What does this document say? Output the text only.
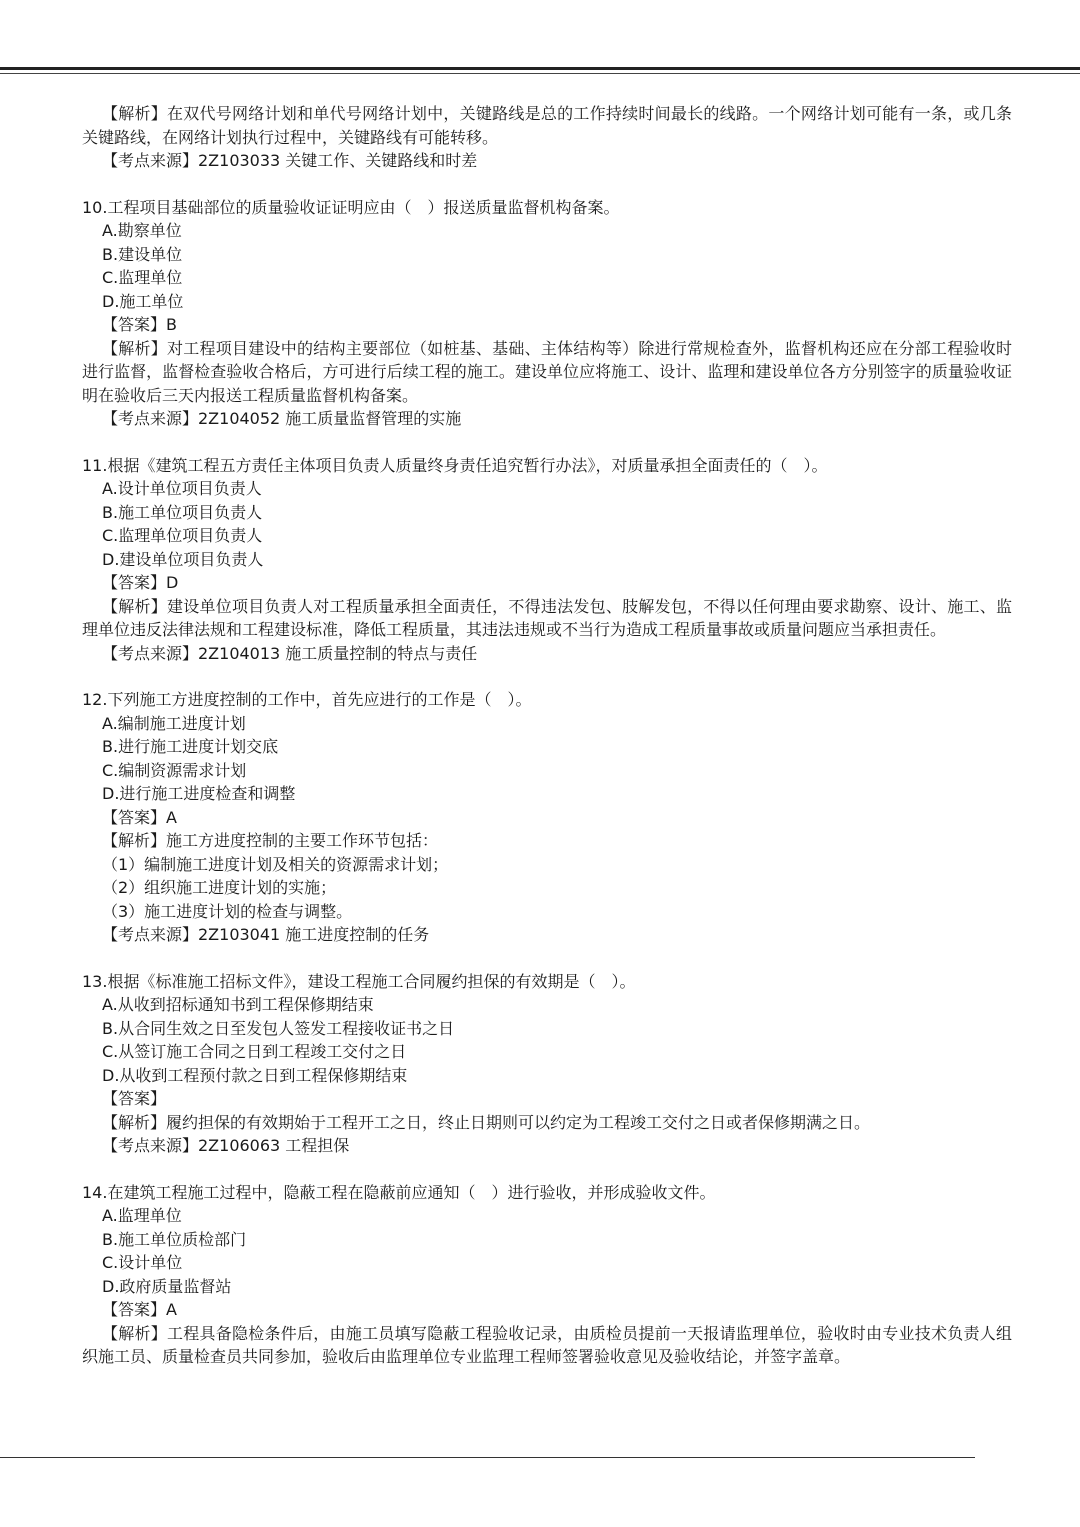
【解析】在双代号网络计划和单代号网络计划中，关键路线是总的工作持续时间最长的线路。一个网络计划可能有一条，或几条关键路线，在网络计划执行过程中，关键路线有可能转移。
【考点来源】2Z103033 关键工作、关键路线和时差
10.工程项目基础部位的质量验收证证明应由（　）报送质量监督机构备案。
A.勘察单位
B.建设单位
C.监理单位
D.施工单位
【答案】B
【解析】对工程项目建设中的结构主要部位（如桩基、基础、主体结构等）除进行常规检查外，监督机构还应在分部工程验收时进行监督，监督检查验收合格后，方可进行后续工程的施工。建设单位应将施工、设计、监理和建设单位各方分别签字的质量验收证明在验收后三天内报送工程质量监督机构备案。
【考点来源】2Z104052 施工质量监督管理的实施
11.根据《建筑工程五方责任主体项目负责人质量终身责任追究暂行办法》，对质量承担全面责任的（　）。
A.设计单位项目负责人
B.施工单位项目负责人
C.监理单位项目负责人
D.建设单位项目负责人
【答案】D
【解析】建设单位项目负责人对工程质量承担全面责任，不得违法发包、肢解发包，不得以任何理由要求勘察、设计、施工、监理单位违反法律法规和工程建设标准，降低工程质量，其违法违规或不当行为造成工程质量事故或质量问题应当承担责任。
【考点来源】2Z104013 施工质量控制的特点与责任
12.下列施工方进度控制的工作中，首先应进行的工作是（　）。
A.编制施工进度计划
B.进行施工进度计划交底
C.编制资源需求计划
D.进行施工进度检查和调整
【答案】A
【解析】施工方进度控制的主要工作环节包括：
（1）编制施工进度计划及相关的资源需求计划；
（2）组织施工进度计划的实施；
（3）施工进度计划的检查与调整。
【考点来源】2Z103041 施工进度控制的任务
13.根据《标准施工招标文件》，建设工程施工合同履约担保的有效期是（　）。
A.从收到招标通知书到工程保修期结束
B.从合同生效之日至发包人签发工程接收证书之日
C.从签订施工合同之日到工程竣工交付之日
D.从收到工程预付款之日到工程保修期结束
【答案】
【解析】履约担保的有效期始于工程开工之日，终止日期则可以约定为工程竣工交付之日或者保修期满之日。
【考点来源】2Z106063 工程担保
14.在建筑工程施工过程中，隐蔽工程在隐蔽前应通知（　）进行验收，并形成验收文件。
A.监理单位
B.施工单位质检部门
C.设计单位
D.政府质量监督站
【答案】A
【解析】工程具备隐检条件后，由施工员填写隐蔽工程验收记录，由质检员提前一天报请监理单位，验收时由专业技术负责人组织施工员、质量检查员共同参加，验收后由监理单位专业监理工程师签署验收意见及验收结论，并签字盖章。
